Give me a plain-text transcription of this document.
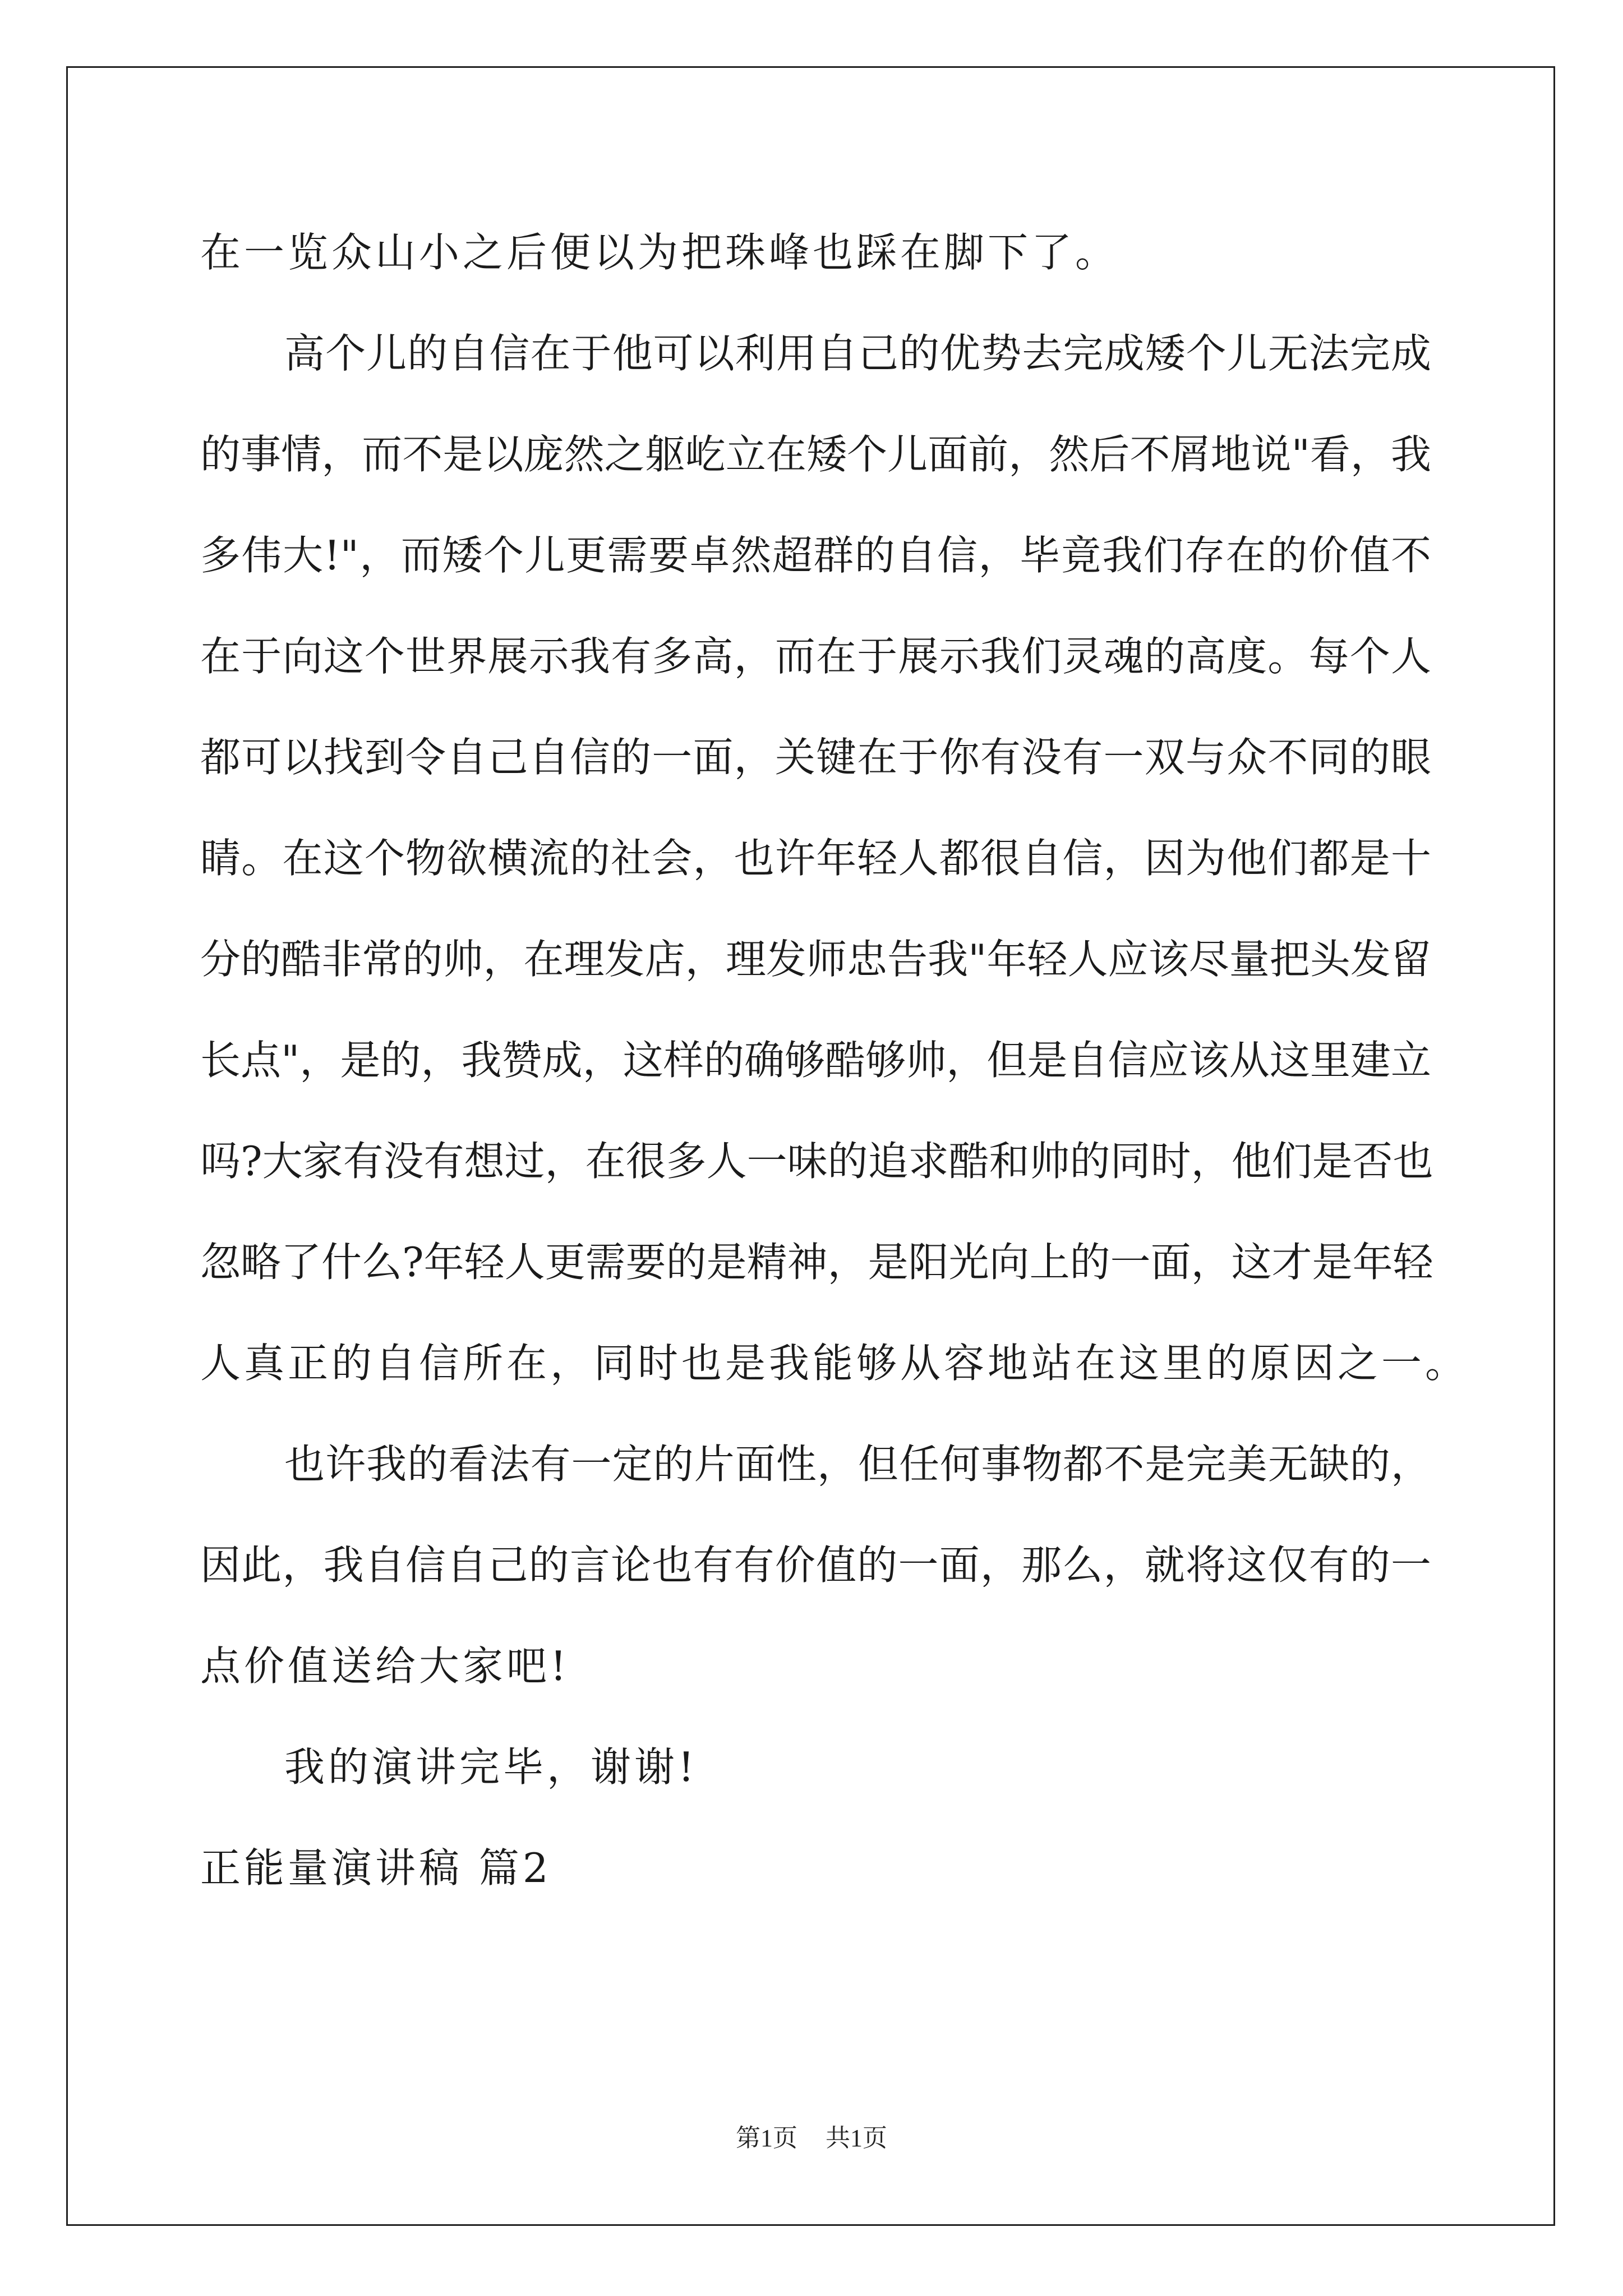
在一览众山小之后便以为把珠峰也踩在脚下了。
高个儿的自信在于他可以利用自己的优势去完成矮个儿无法完成
的事情，而不是以庞然之躯屹立在矮个儿面前，然后不屑地说"看，我
多伟大!"，而矮个儿更需要卓然超群的自信，毕竟我们存在的价值不
在于向这个世界展示我有多高，而在于展示我们灵魂的高度。每个人
都可以找到令自己自信的一面，关键在于你有没有一双与众不同的眼
睛。在这个物欲横流的社会，也许年轻人都很自信，因为他们都是十
分的酷非常的帅，在理发店，理发师忠告我"年轻人应该尽量把头发留
长点"，是的，我赞成，这样的确够酷够帅，但是自信应该从这里建立
吗?大家有没有想过，在很多人一味的追求酷和帅的同时，他们是否也
忽略了什么?年轻人更需要的是精神，是阳光向上的一面，这才是年轻
人真正的自信所在，同时也是我能够从容地站在这里的原因之一。
也许我的看法有一定的片面性，但任何事物都不是完美无缺的，
因此，我自信自己的言论也有有价值的一面，那么，就将这仅有的一
点价值送给大家吧!
我的演讲完毕，谢谢!
正能量演讲稿 篇2
第1页 共1页
